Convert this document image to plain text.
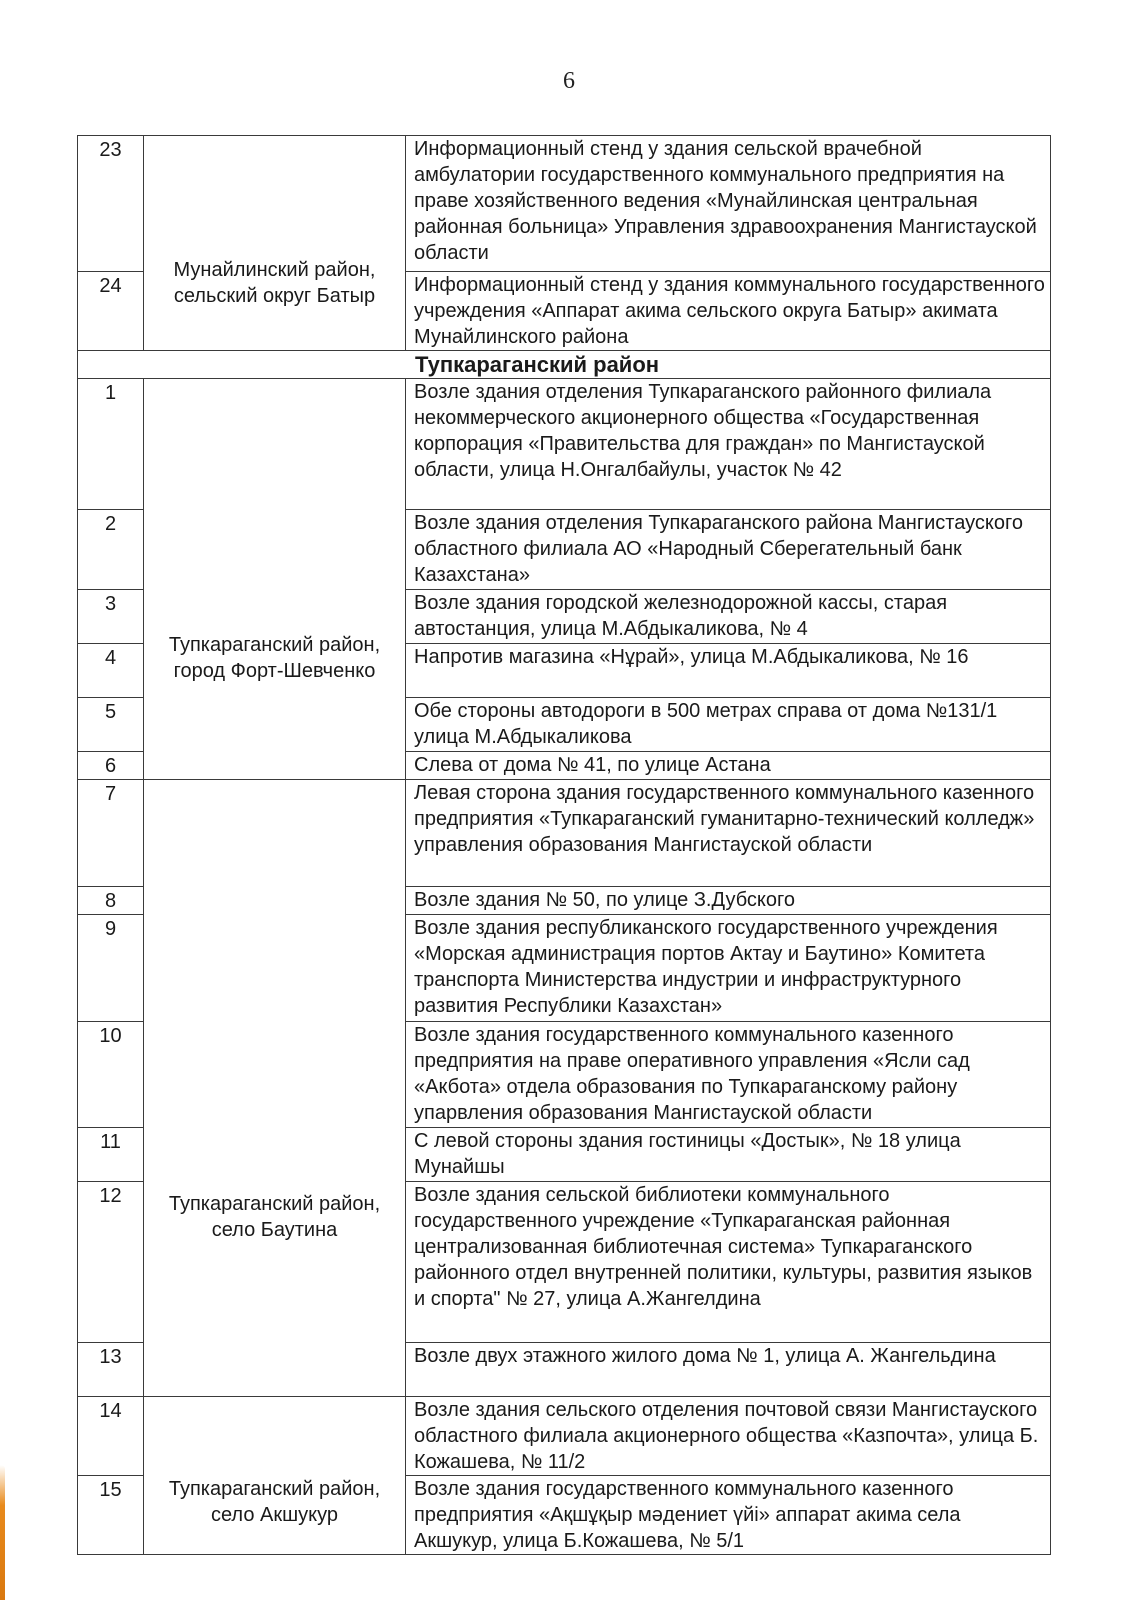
6
23	Мунайлинский район, сельский округ Батыр	Информационный стенд у здания сельской врачебной амбулатории государственного коммунального предприятия на праве хозяйственного ведения «Мунайлинская центральная районная больница» Управления здравоохранения Мангистауской области
24		Информационный стенд у здания коммунального государственного учреждения «Аппарат акима сельского округа Батыр» акимата Мунайлинского района
Тупкараганский район		
1	Тупкараганский район, город Форт-Шевченко	Возле здания отделения Тупкараганского районного филиала некоммерческого акционерного общества «Государственная корпорация «Правительства для граждан» по Мангистауской области, улица Н.Онгалбайулы, участок № 42
2		Возле здания отделения Тупкараганского района Мангистауского областного филиала АО «Народный Сберегательный банк Казахстана»
3		Возле здания городской железнодорожной кассы, старая автостанция, улица М.Абдыкаликова, № 4
4		Напротив магазина «Нұрай», улица М.Абдыкаликова, № 16
5		Обе стороны автодороги в 500 метрах справа от дома №131/1 улица М.Абдыкаликова
6		Слева от дома № 41, по улице Астана
7	Тупкараганский район, село Баутина	Левая сторона здания государственного коммунального казенного предприятия «Тупкараганский гуманитарно-технический колледж» управления образования Мангистауской области
8		Возле здания № 50, по улице З.Дубского
9		Возле здания республиканского государственного учреждения «Морская администрация портов Актау и Баутино» Комитета транспорта Министерства индустрии и инфраструктурного развития Республики Казахстан»
10		Возле здания государственного коммунального казенного предприятия на праве оперативного управления «Ясли сад «Акбота» отдела образования по Тупкараганскому району упарвления образования Мангистауской области
11		С левой стороны здания гостиницы «Достык», № 18 улица Мунайшы
12		Возле здания сельской библиотеки коммунального государственного учреждение «Тупкараганская районная централизованная библиотечная система» Тупкараганского районного отдел внутренней политики, культуры, развития языков и спорта" № 27, улица А.Жангелдина
13		Возле двух этажного жилого дома № 1, улица А. Жангельдина
14	Тупкараганский район, село Акшукур	Возле здания сельского отделения почтовой связи Мангистауского областного филиала акционерного общества «Казпочта», улица Б. Кожашева, № 11/2
15		Возле здания государственного коммунального казенного предприятия «Ақшұқыр мәдениет үйі» аппарат акима села Акшукур, улица Б.Кожашева, № 5/1
